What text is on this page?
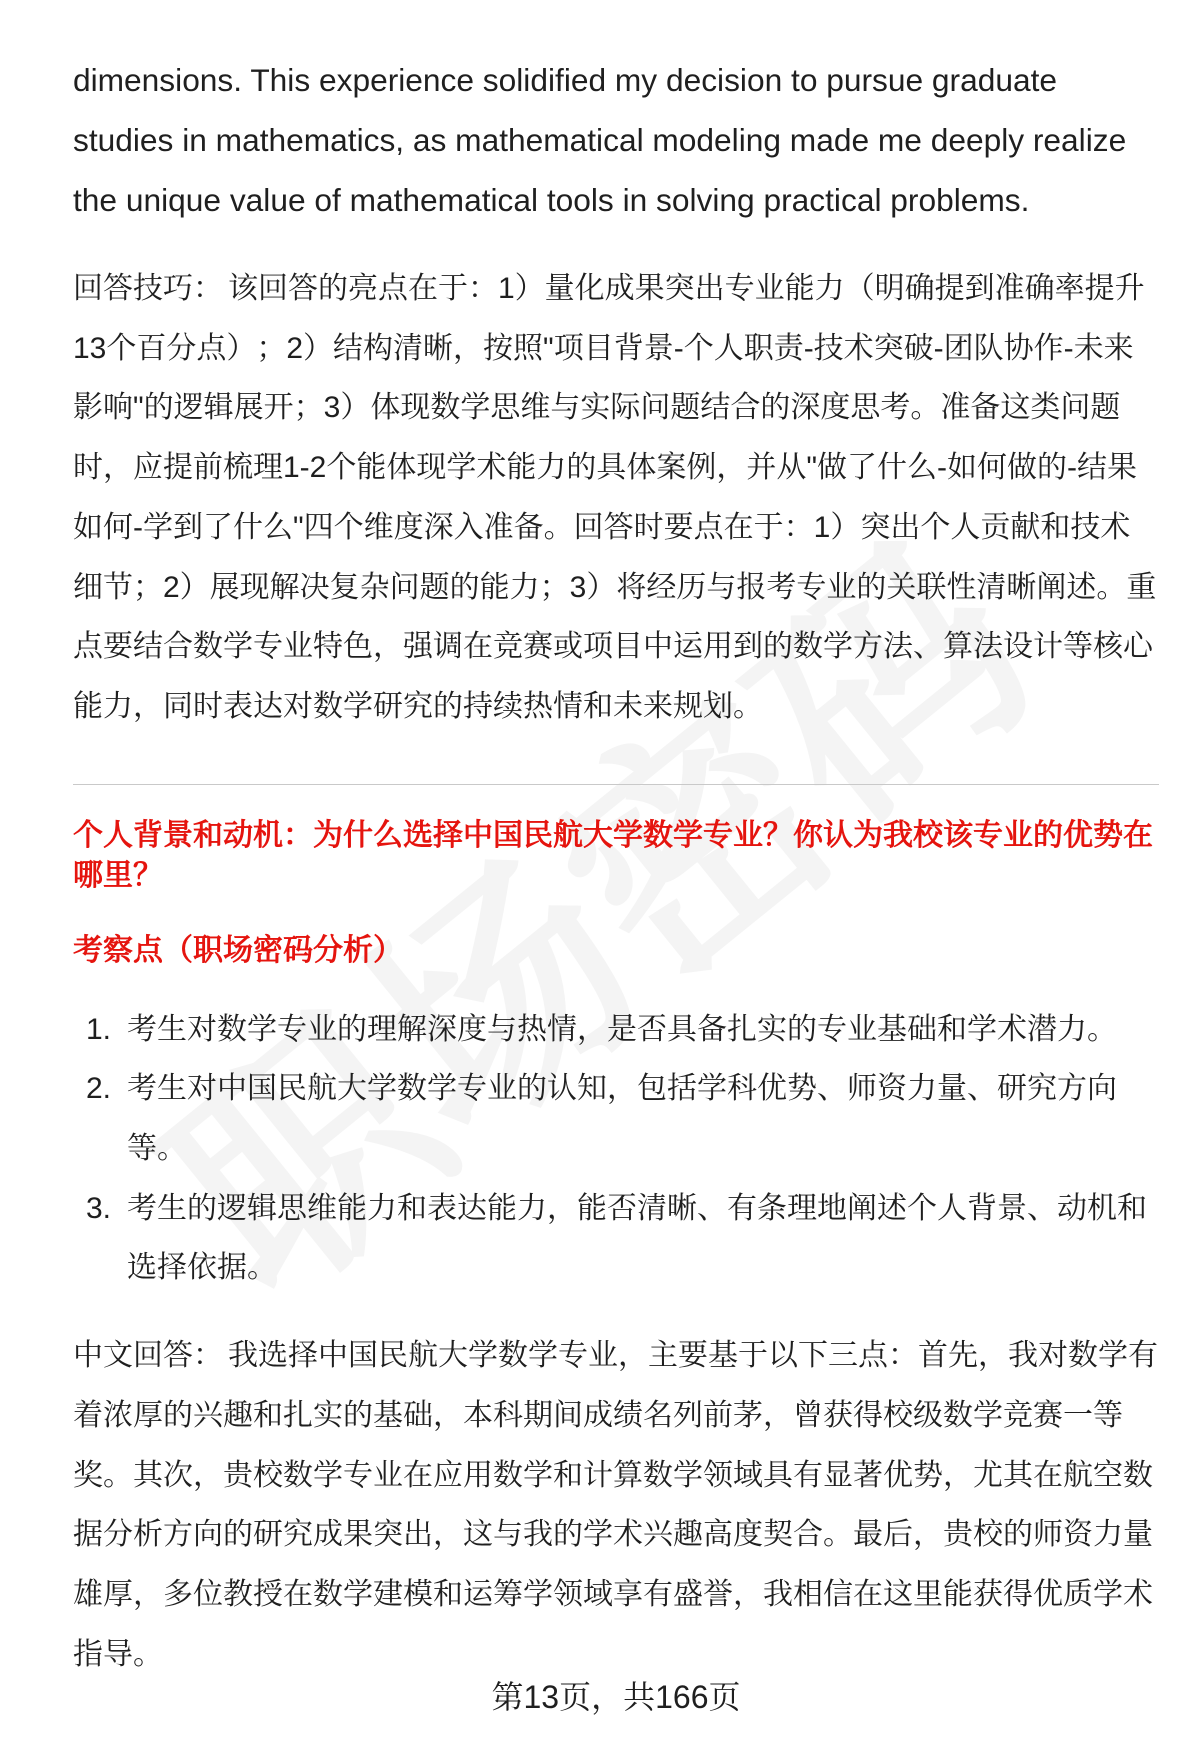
dimensions. This experience solidified my decision to pursue graduate studies in mathematics, as mathematical modeling made me deeply realize the unique value of mathematical tools in solving practical problems.

回答技巧： 该回答的亮点在于：1）量化成果突出专业能力（明确提到准确率提升13个百分点）；2）结构清晰，按照"项目背景-个人职责-技术突破-团队协作-未来影响"的逻辑展开；3）体现数学思维与实际问题结合的深度思考。准备这类问题时，应提前梳理1-2个能体现学术能力的具体案例，并从"做了什么-如何做的-结果如何-学到了什么"四个维度深入准备。回答时要点在于：1）突出个人贡献和技术细节；2）展现解决复杂问题的能力；3）将经历与报考专业的关联性清晰阐述。重点要结合数学专业特色，强调在竞赛或项目中运用到的数学方法、算法设计等核心能力，同时表达对数学研究的持续热情和未来规划。

个人背景和动机：为什么选择中国民航大学数学专业？你认为我校该专业的优势在哪里？

考察点（职场密码分析）

1. 考生对数学专业的理解深度与热情，是否具备扎实的专业基础和学术潜力。
2. 考生对中国民航大学数学专业的认知，包括学科优势、师资力量、研究方向等。
3. 考生的逻辑思维能力和表达能力，能否清晰、有条理地阐述个人背景、动机和选择依据。

中文回答： 我选择中国民航大学数学专业，主要基于以下三点：首先，我对数学有着浓厚的兴趣和扎实的基础，本科期间成绩名列前茅，曾获得校级数学竞赛一等奖。其次，贵校数学专业在应用数学和计算数学领域具有显著优势，尤其在航空数据分析方向的研究成果突出，这与我的学术兴趣高度契合。最后，贵校的师资力量雄厚，多位教授在数学建模和运筹学领域享有盛誉，我相信在这里能获得优质学术指导。

第13页，共166页
